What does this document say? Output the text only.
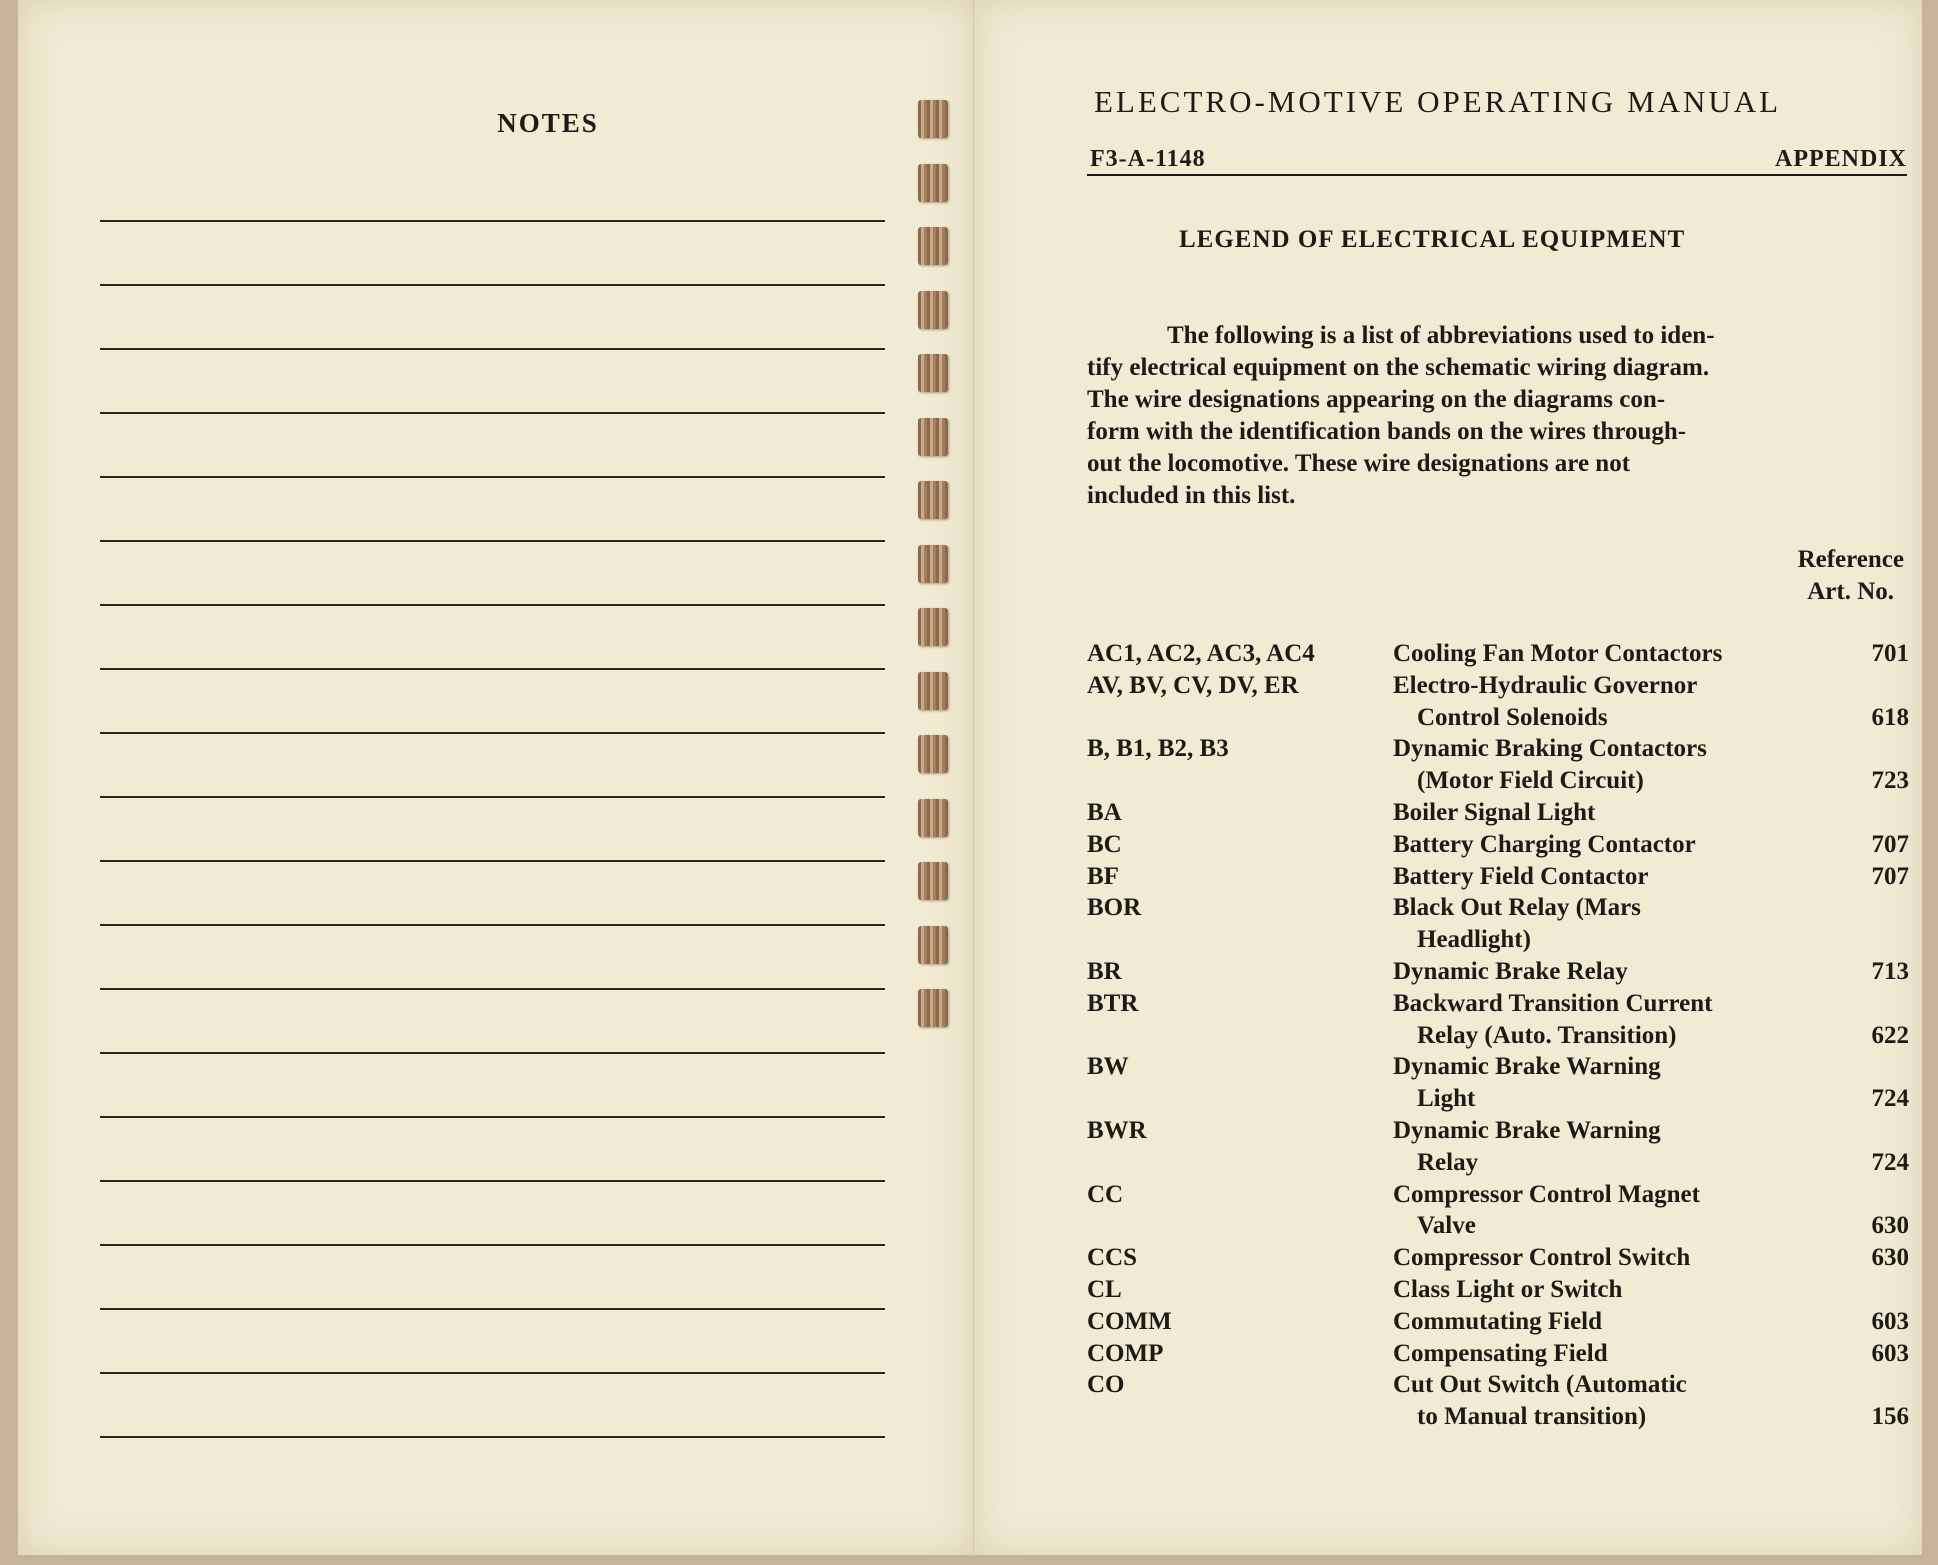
NOTES
ELECTRO-MOTIVE OPERATING MANUAL
F3-A-1148	APPENDIX
LEGEND OF ELECTRICAL EQUIPMENT
The following is a list of abbreviations used to iden-
tify electrical equipment on the schematic wiring diagram.
The wire designations appearing on the diagrams con-
form with the identification bands on the wires through-
out the locomotive. These wire designations are not
included in this list.
Reference
Art. No.
AC1, AC2, AC3, AC4	Cooling Fan Motor Contactors	701
AV, BV, CV, DV, ER	Electro-Hydraulic Governor
Control Solenoids	618
B, B1, B2, B3	Dynamic Braking Contactors
(Motor Field Circuit)	723
BA	Boiler Signal Light
BC	Battery Charging Contactor	707
BF	Battery Field Contactor	707
BOR	Black Out Relay (Mars
Headlight)
BR	Dynamic Brake Relay	713
BTR	Backward Transition Current
Relay (Auto. Transition)	622
BW	Dynamic Brake Warning
Light	724
BWR	Dynamic Brake Warning
Relay	724
CC	Compressor Control Magnet
Valve	630
CCS	Compressor Control Switch	630
CL	Class Light or Switch
COMM	Commutating Field	603
COMP	Compensating Field	603
CO	Cut Out Switch (Automatic
to Manual transition)	156
